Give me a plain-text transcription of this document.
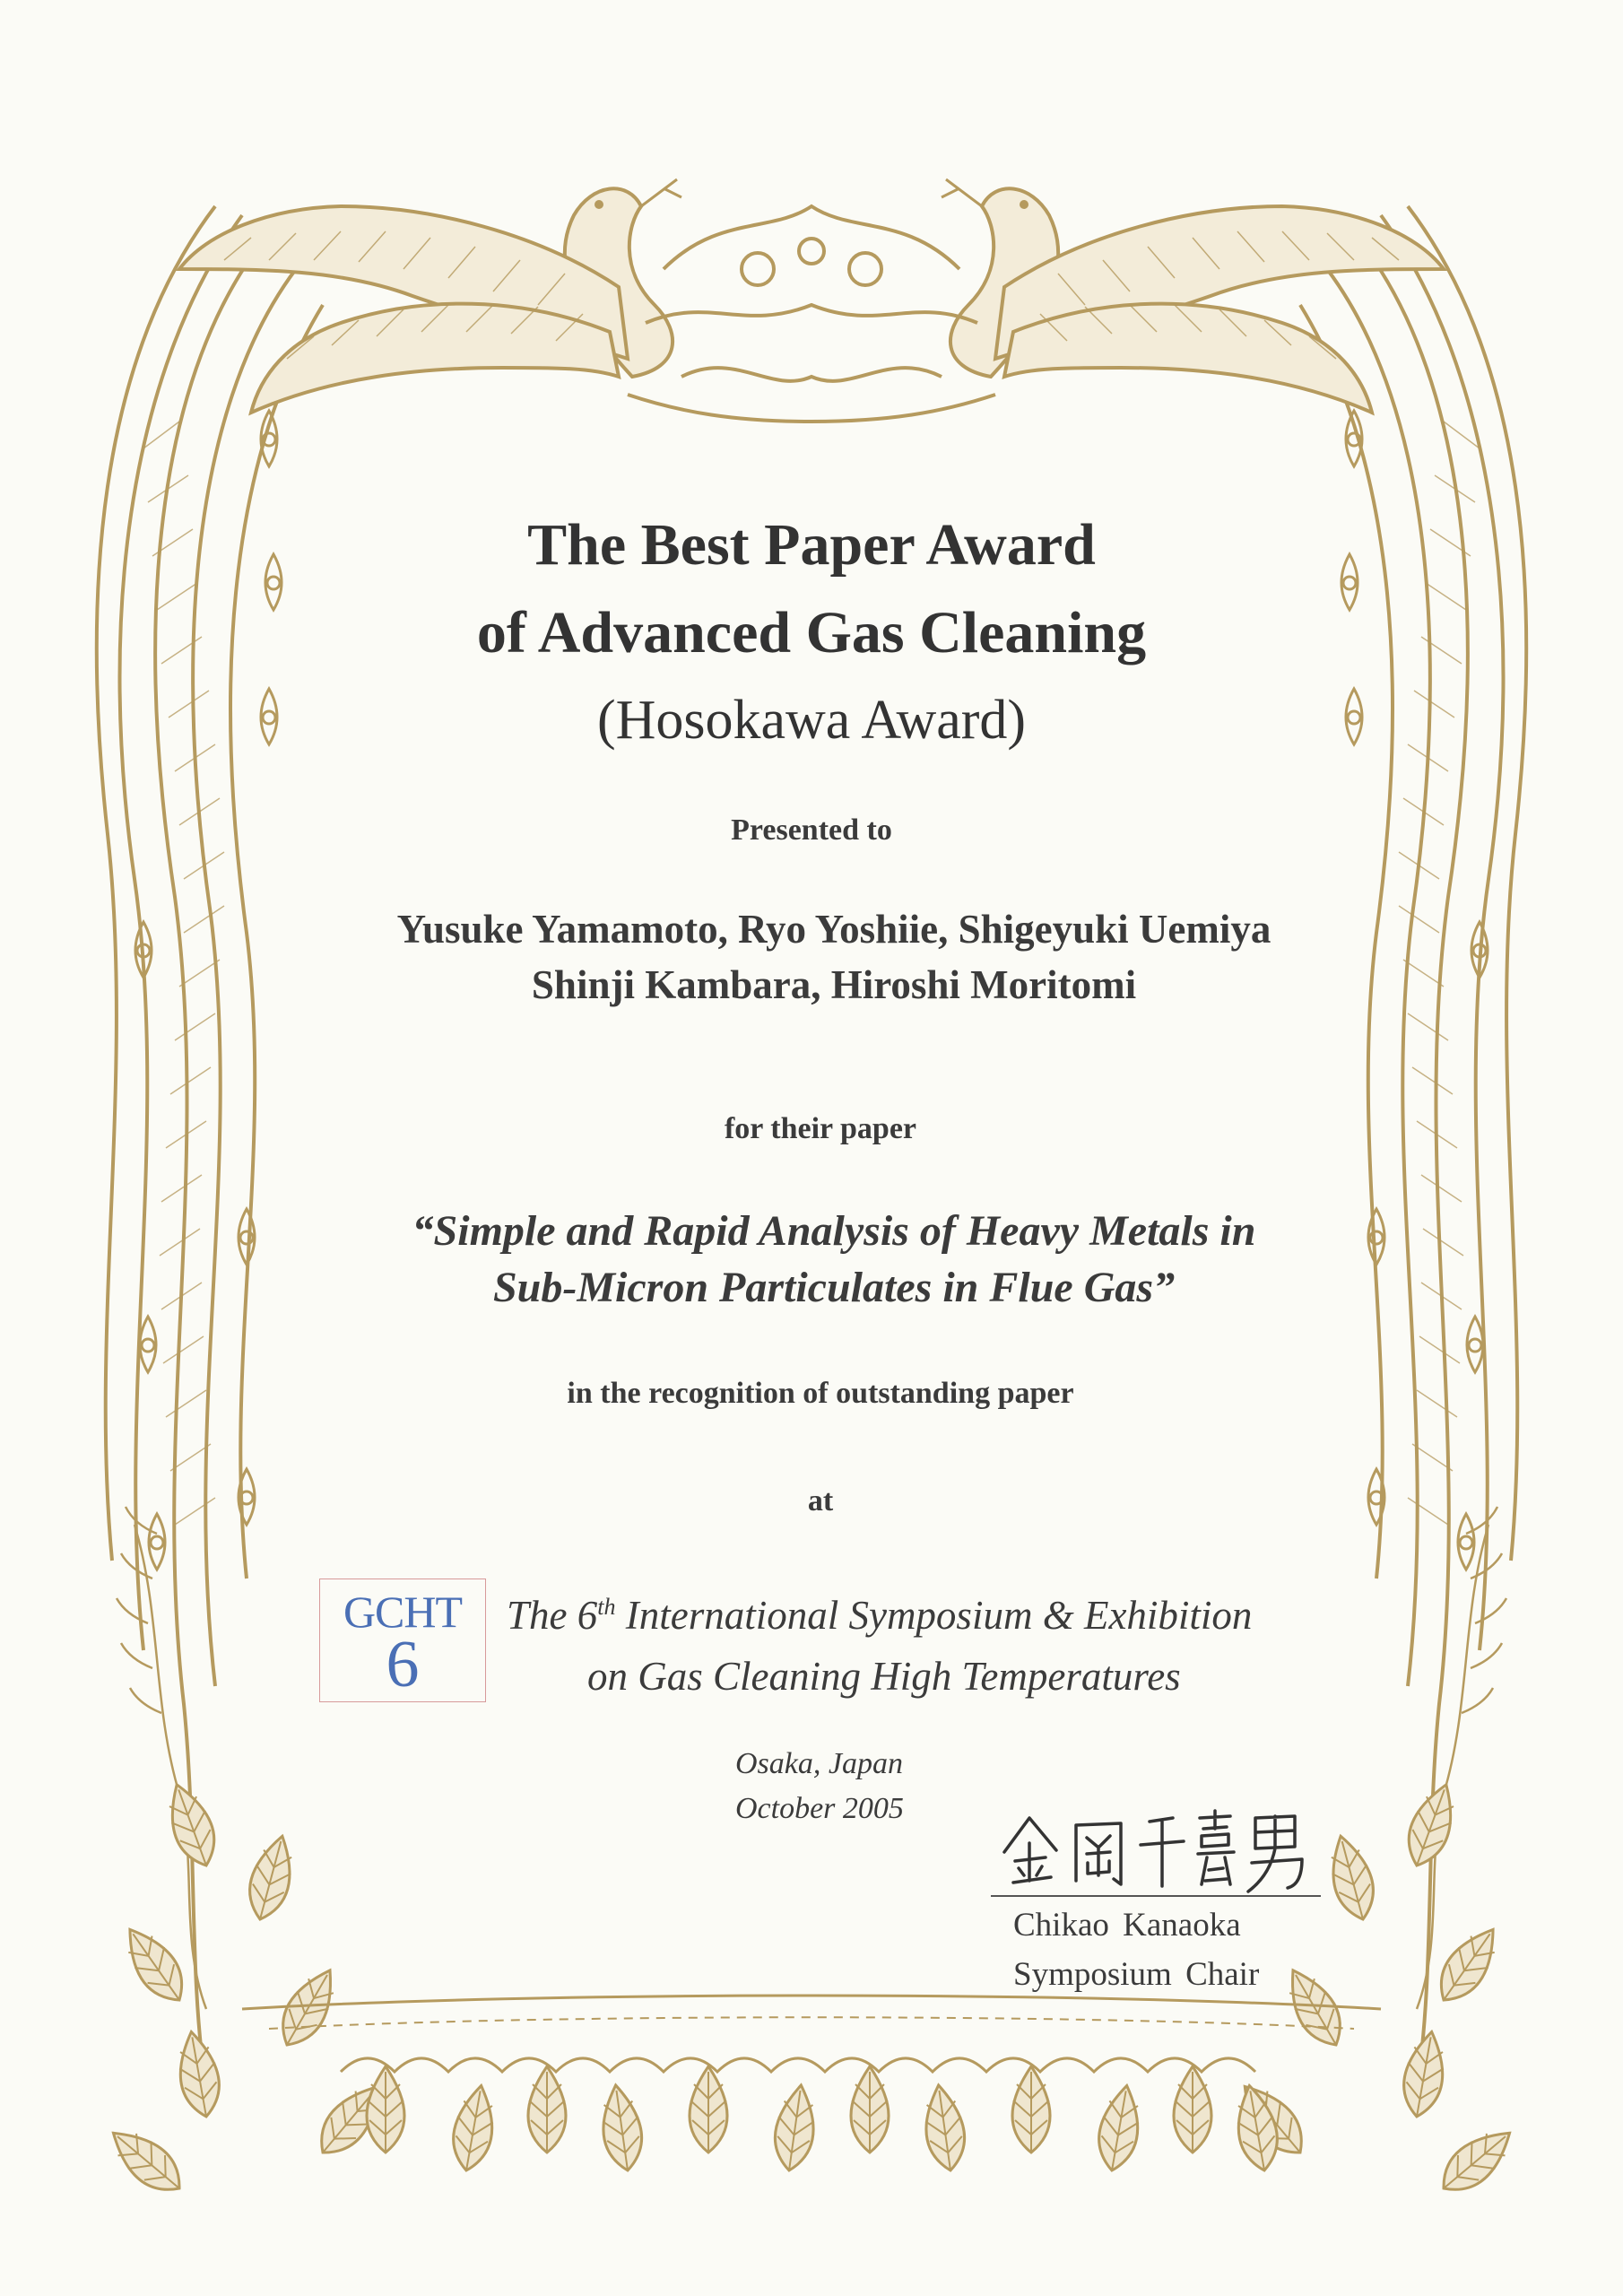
The Best Paper Award
of Advanced Gas Cleaning
(Hosokawa Award)
Presented to
Yusuke Yamamoto, Ryo Yoshiie, Shigeyuki Uemiya
Shinji Kambara, Hiroshi Moritomi
for their paper
“Simple and Rapid Analysis of Heavy Metals in
Sub-Micron Particulates in Flue Gas”
in the recognition of outstanding paper
at
GCHT
6
The 6th International Symposium & Exhibition
on Gas Cleaning High Temperatures
Osaka, Japan
October 2005
Chikao Kanaoka
Symposium Chair
